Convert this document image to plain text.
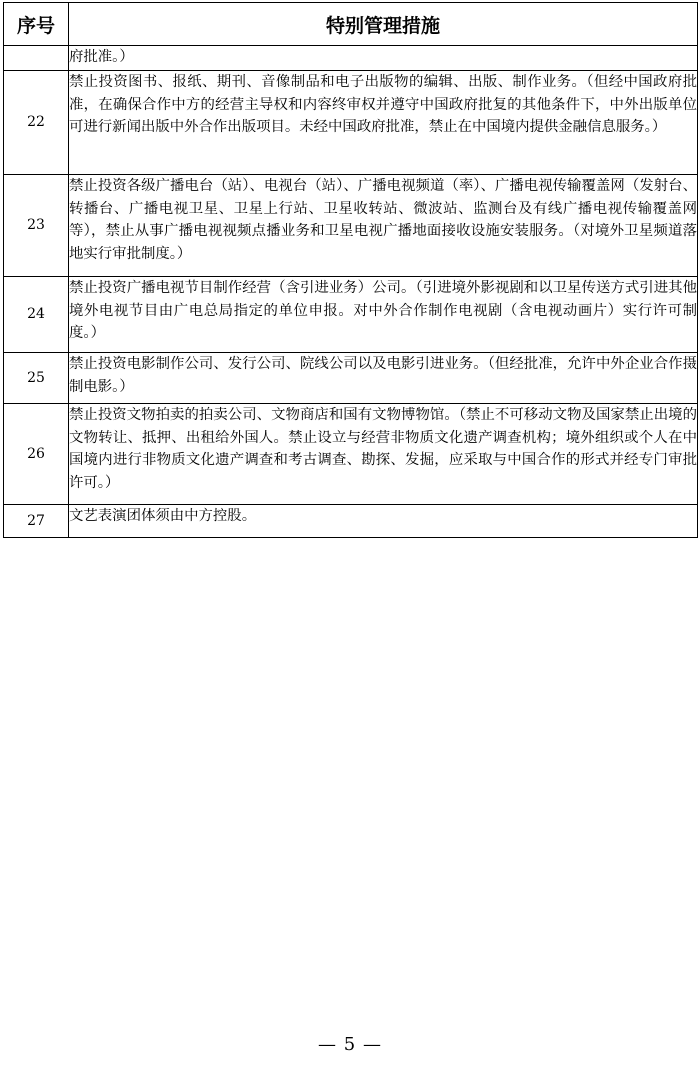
序号	特别管理措施
	府批准。）
22	禁止投资图书、报纸、期刊、音像制品和电子出版物的编辑、出版、制作业务。（但经中国政府批准，在确保合作中方的经营主导权和内容终审权并遵守中国政府批复的其他条件下，中外出版单位可进行新闻出版中外合作出版项目。未经中国政府批准，禁止在中国境内提供金融信息服务。）
23	禁止投资各级广播电台（站）、电视台（站）、广播电视频道（率）、广播电视传输覆盖网（发射台、转播台、广播电视卫星、卫星上行站、卫星收转站、微波站、监测台及有线广播电视传输覆盖网等），禁止从事广播电视视频点播业务和卫星电视广播地面接收设施安装服务。（对境外卫星频道落地实行审批制度。）
24	禁止投资广播电视节目制作经营（含引进业务）公司。（引进境外影视剧和以卫星传送方式引进其他境外电视节目由广电总局指定的单位申报。对中外合作制作电视剧（含电视动画片）实行许可制度。）
25	禁止投资电影制作公司、发行公司、院线公司以及电影引进业务。（但经批准，允许中外企业合作摄制电影。）
26	禁止投资文物拍卖的拍卖公司、文物商店和国有文物博物馆。（禁止不可移动文物及国家禁止出境的文物转让、抵押、出租给外国人。禁止设立与经营非物质文化遗产调查机构；境外组织或个人在中国境内进行非物质文化遗产调查和考古调查、勘探、发掘，应采取与中国合作的形式并经专门审批许可。）
27	文艺表演团体须由中方控股。
— 5 —
